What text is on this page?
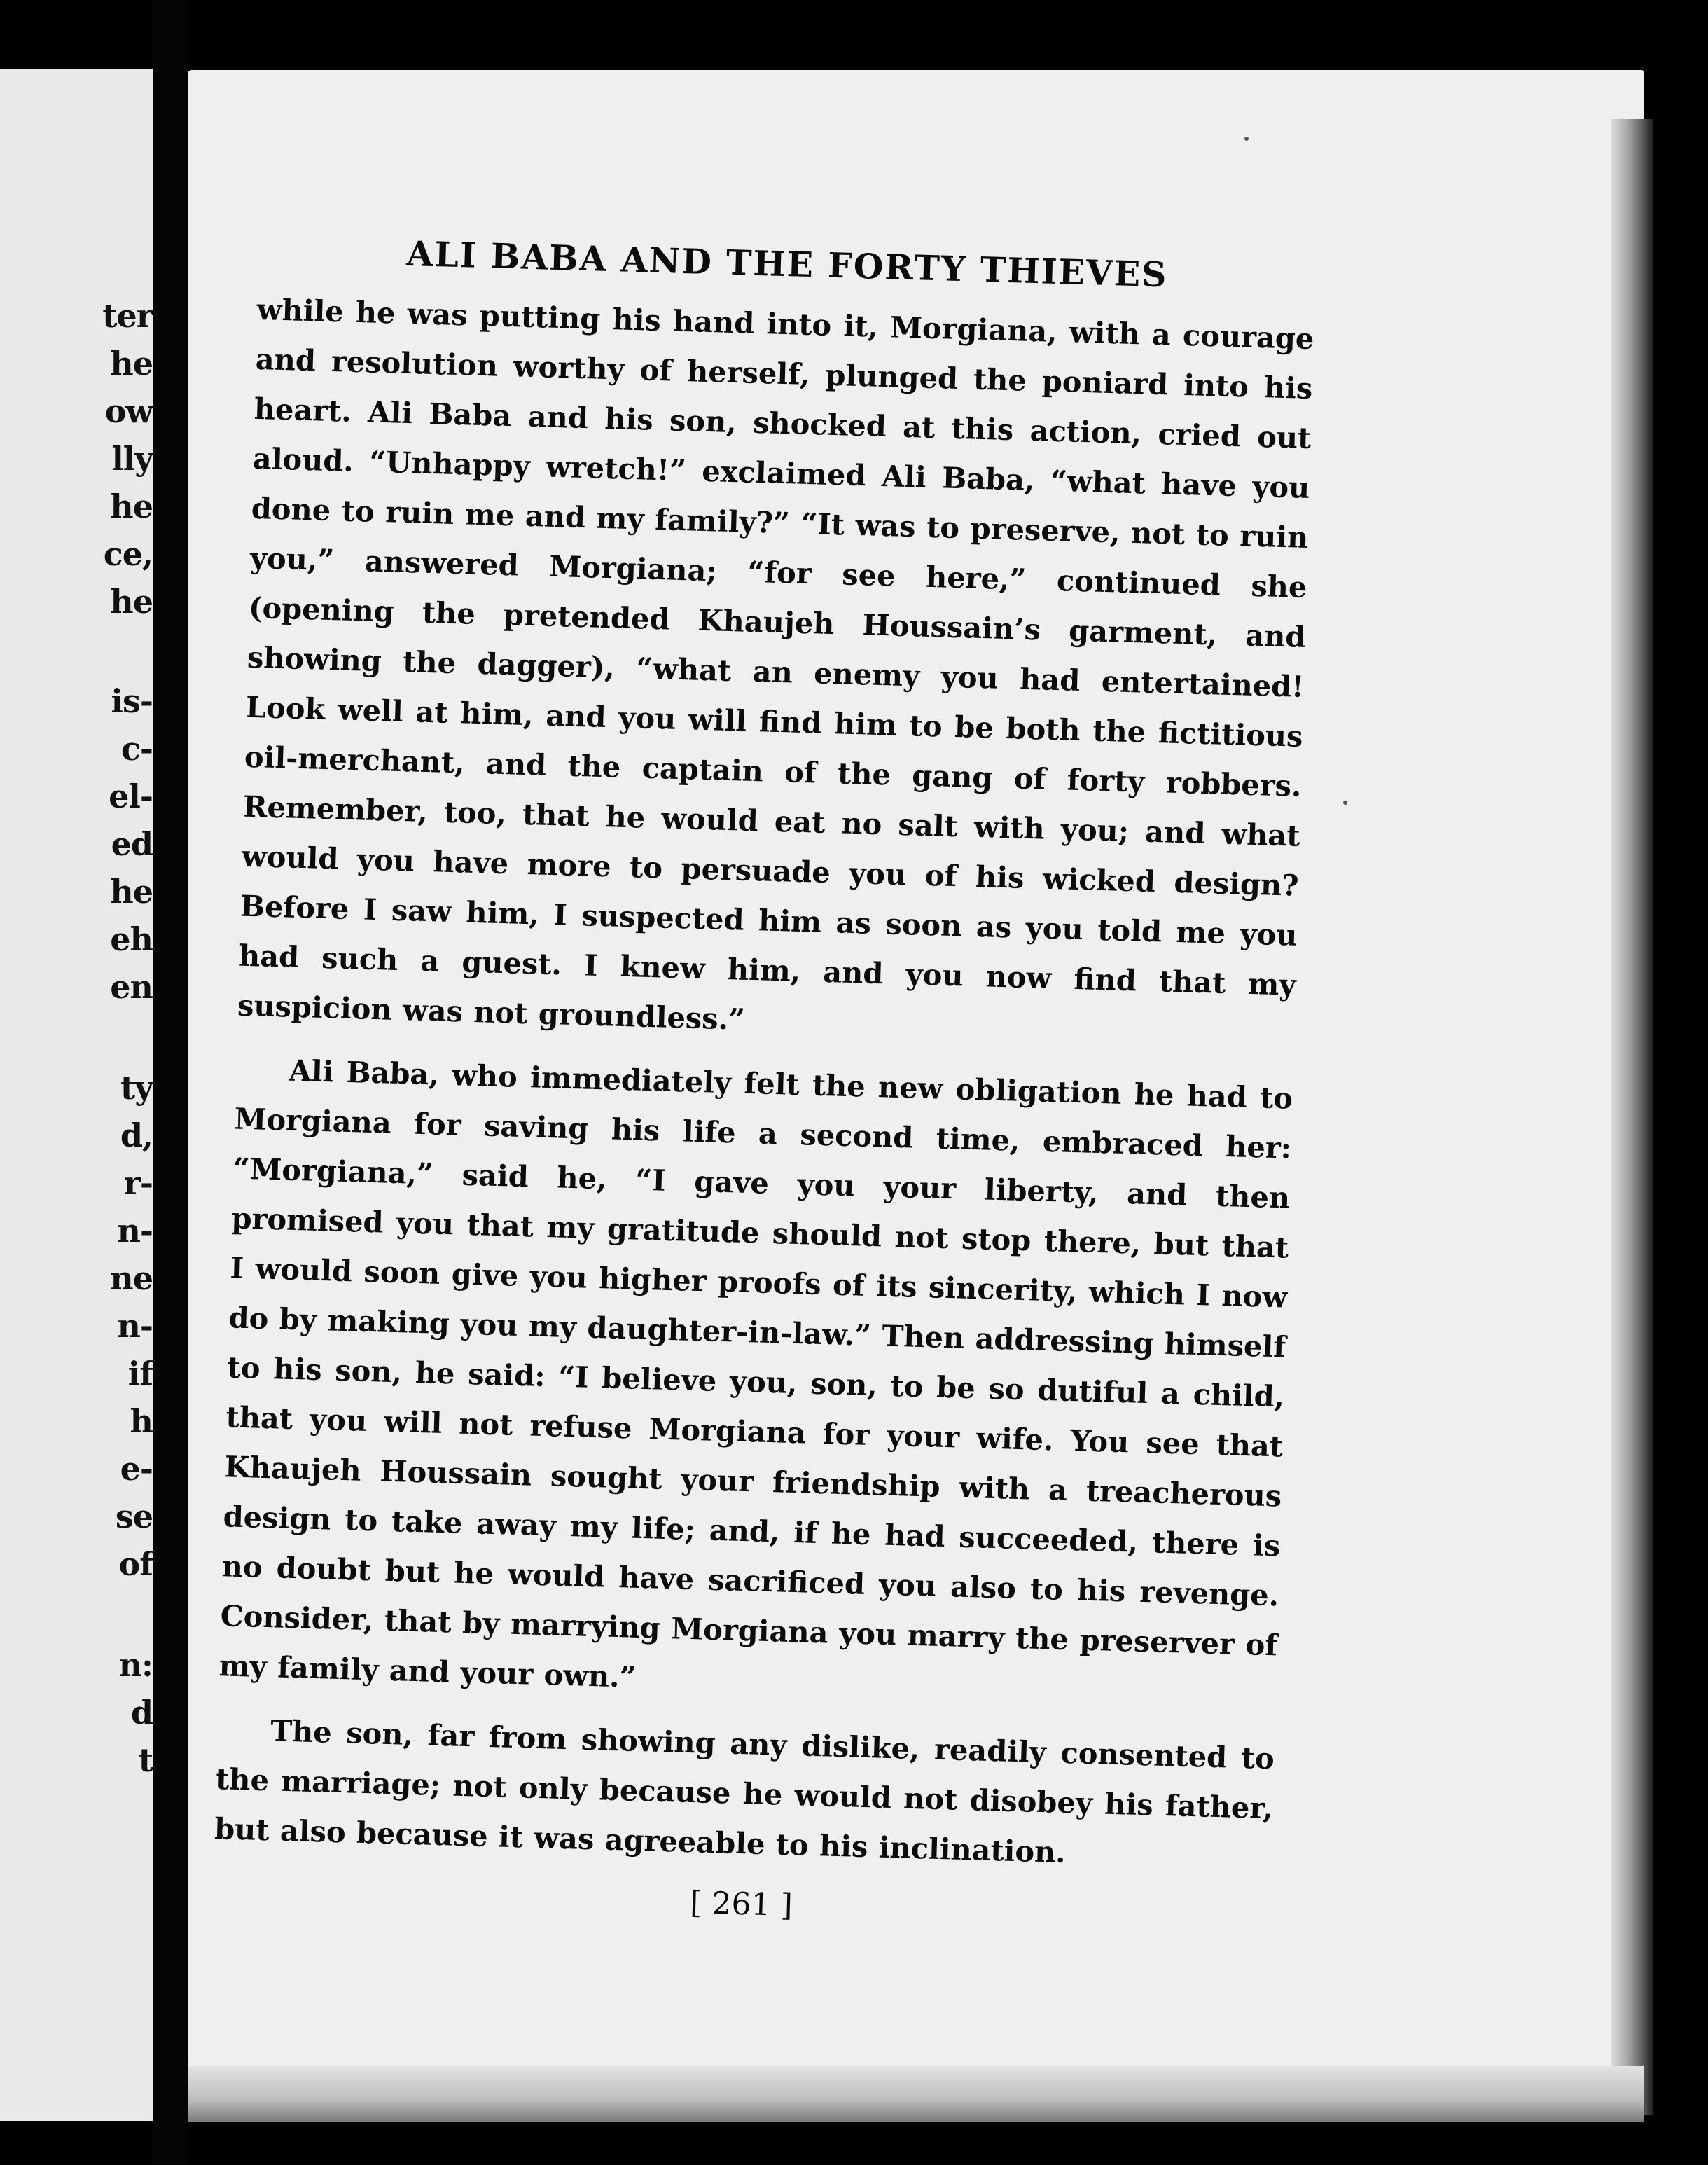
ter
he
ow
lly
he
ce,
he
is-
c-
el-
ed
he
eh
en
ty
d,
r-
n-
ne
n-
if
h
e-
se
of
n:
d
t
ALI BABA AND THE FORTY THIEVES

while he was putting his hand into it, Morgiana, with a courage and resolution worthy of herself, plunged the poniard into his heart. Ali Baba and his son, shocked at this action, cried out aloud. “Unhappy wretch!” exclaimed Ali Baba, “what have you done to ruin me and my family?” “It was to preserve, not to ruin you,” answered Morgiana; “for see here,” continued she (opening the pretended Khaujeh Houssain’s garment, and showing the dagger), “what an enemy you had entertained! Look well at him, and you will find him to be both the fictitious oil-merchant, and the captain of the gang of forty robbers. Remember, too, that he would eat no salt with you; and what would you have more to persuade you of his wicked design? Before I saw him, I suspected him as soon as you told me you had such a guest. I knew him, and you now find that my suspicion was not groundless.”

Ali Baba, who immediately felt the new obligation he had to Morgiana for saving his life a second time, embraced her: “Morgiana,” said he, “I gave you your liberty, and then promised you that my gratitude should not stop there, but that I would soon give you higher proofs of its sincerity, which I now do by making you my daughter-in-law.” Then addressing himself to his son, he said: “I believe you, son, to be so dutiful a child, that you will not refuse Morgiana for your wife. You see that Khaujeh Houssain sought your friendship with a treacherous design to take away my life; and, if he had succeeded, there is no doubt but he would have sacrificed you also to his revenge. Consider, that by marrying Morgiana you marry the preserver of my family and your own.”

The son, far from showing any dislike, readily consented to the marriage; not only because he would not disobey his father, but also because it was agreeable to his inclination.

[ 261 ]
